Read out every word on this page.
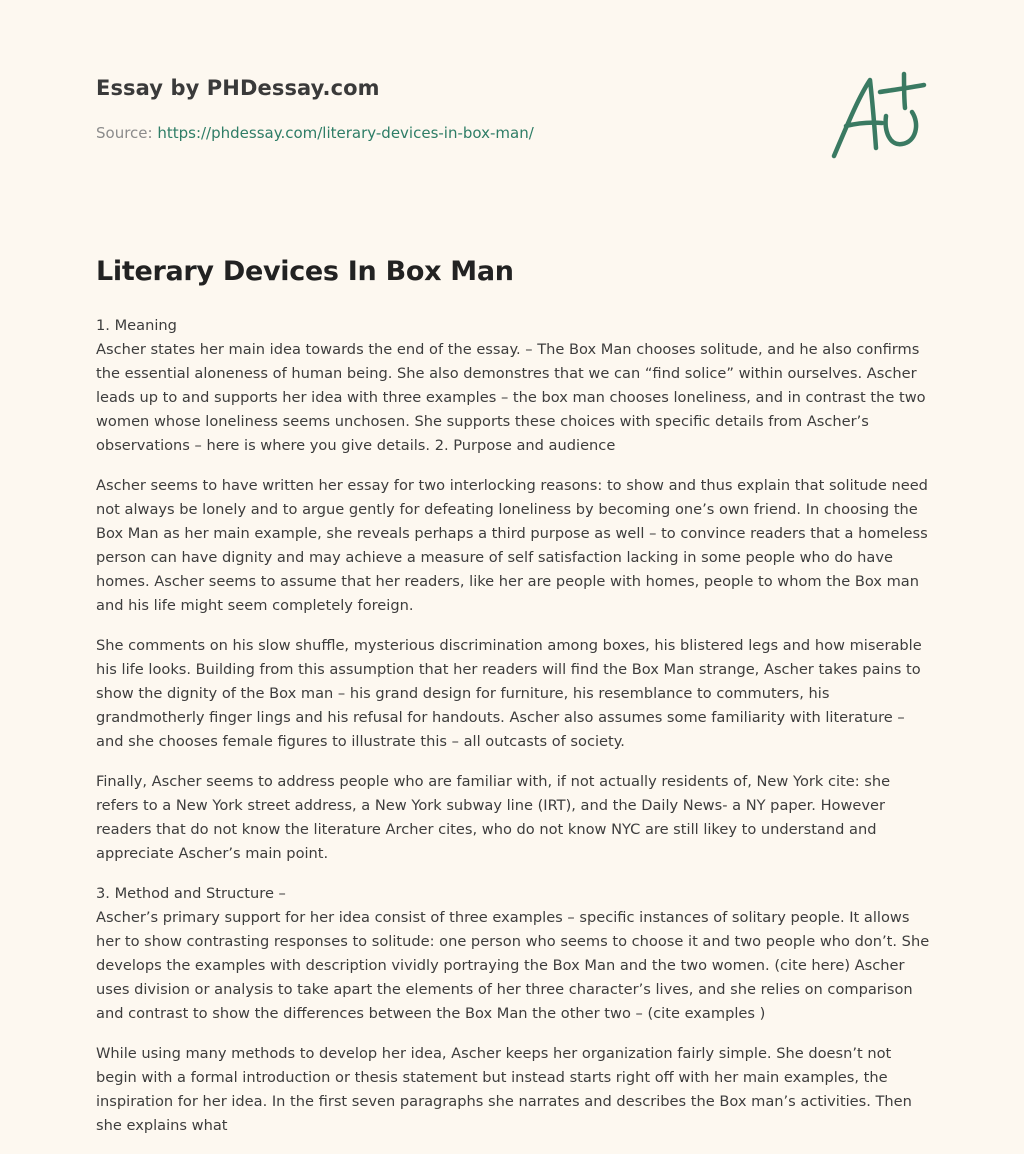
Essay by PHDessay.com
Source: https://phdessay.com/literary-devices-in-box-man/
Literary Devices In Box Man

1. Meaning
Ascher states her main idea towards the end of the essay. – The Box Man chooses solitude, and he also confirms the essential aloneness of human being. She also demonstres that we can “find solice” within ourselves. Ascher leads up to and supports her idea with three examples – the box man chooses loneliness, and in contrast the two women whose loneliness seems unchosen. She supports these choices with specific details from Ascher’s observations – here is where you give details. 2. Purpose and audience

Ascher seems to have written her essay for two interlocking reasons: to show and thus explain that solitude need not always be lonely and to argue gently for defeating loneliness by becoming one’s own friend. In choosing the Box Man as her main example, she reveals perhaps a third purpose as well – to convince readers that a homeless person can have dignity and may achieve a measure of self satisfaction lacking in some people who do have homes. Ascher seems to assume that her readers, like her are people with homes, people to whom the Box man and his life might seem completely foreign.

She comments on his slow shuffle, mysterious discrimination among boxes, his blistered legs and how miserable his life looks. Building from this assumption that her readers will find the Box Man strange, Ascher takes pains to show the dignity of the Box man – his grand design for furniture, his resemblance to commuters, his grandmotherly finger lings and his refusal for handouts. Ascher also assumes some familiarity with literature – and she chooses female figures to illustrate this – all outcasts of society.

Finally, Ascher seems to address people who are familiar with, if not actually residents of, New York cite: she refers to a New York street address, a New York subway line (IRT), and the Daily News- a NY paper. However readers that do not know the literature Archer cites, who do not know NYC are still likey to understand and appreciate Ascher’s main point.

3. Method and Structure –
Ascher’s primary support for her idea consist of three examples – specific instances of solitary people. It allows her to show contrasting responses to solitude: one person who seems to choose it and two people who don’t. She develops the examples with description vividly portraying the Box Man and the two women. (cite here) Ascher uses division or analysis to take apart the elements of her three character’s lives, and she relies on comparison and contrast to show the differences between the Box Man the other two – (cite examples )

While using many methods to develop her idea, Ascher keeps her organization fairly simple. She doesn’t not begin with a formal introduction or thesis statement but instead starts right off with her main examples, the inspiration for her idea. In the first seven paragraphs she narrates and describes the Box man’s activities. Then she explains what
